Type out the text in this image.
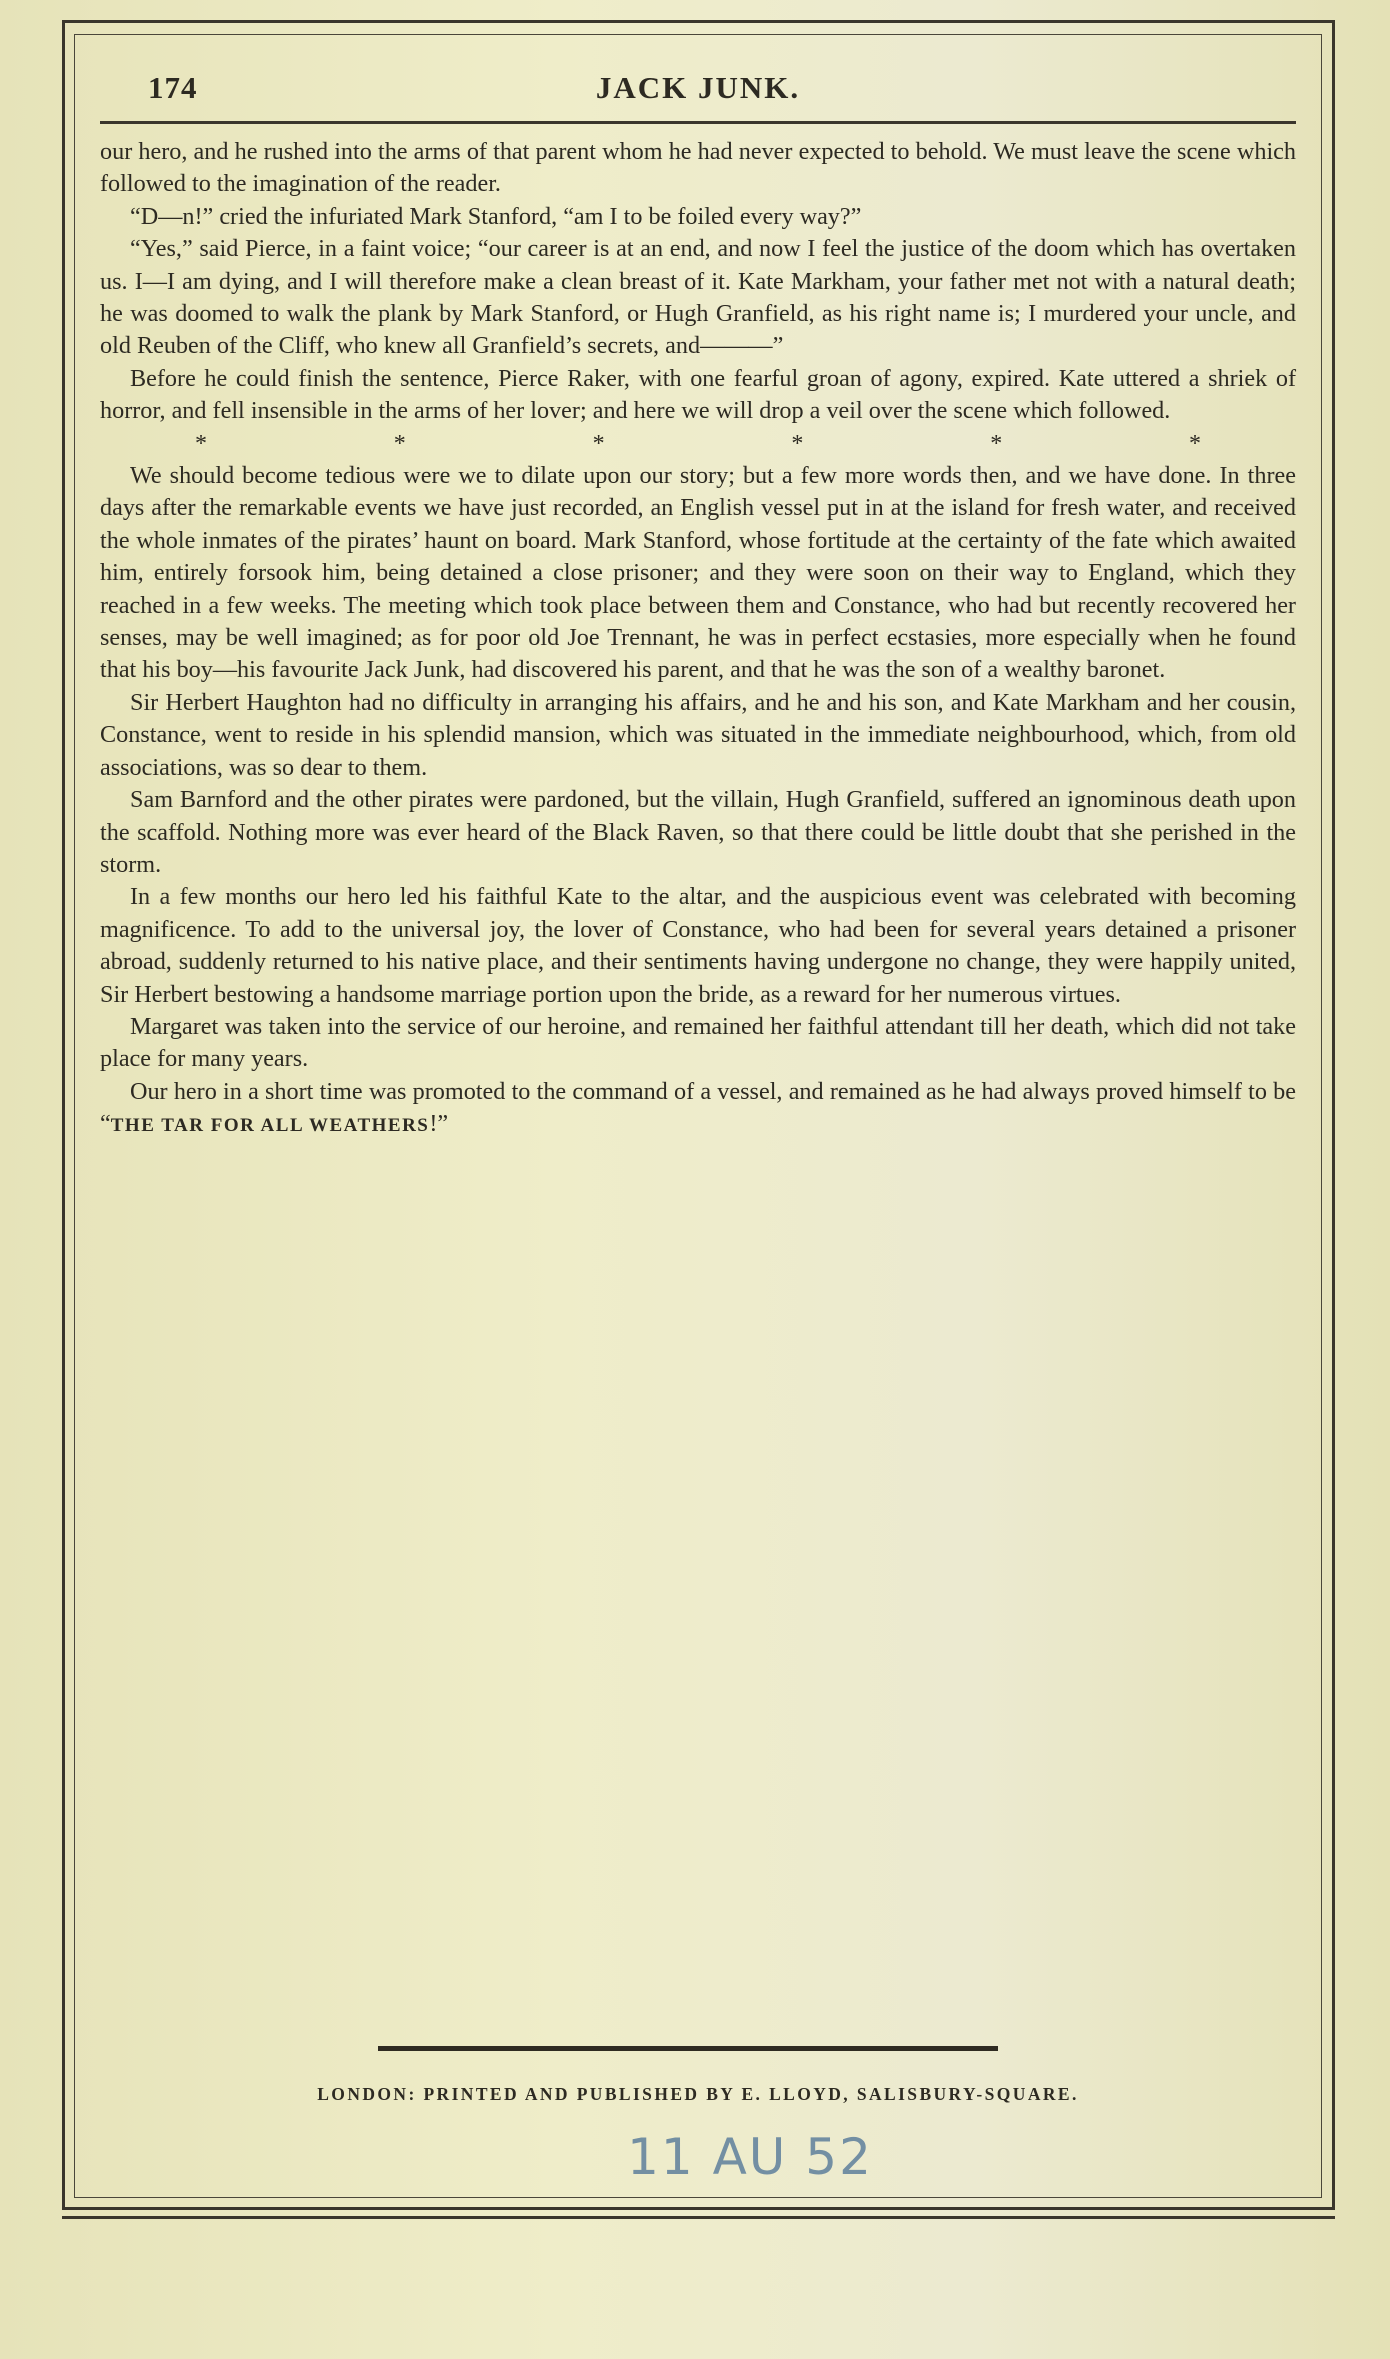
JACK JUNK.
174

our hero, and he rushed into the arms of that parent whom he had never expected to behold. We must leave the scene which followed to the imagination of the reader.

“D—n!” cried the infuriated Mark Stanford, “am I to be foiled every way?”

“Yes,” said Pierce, in a faint voice; “our career is at an end, and now I feel the justice of the doom which has overtaken us. I—I am dying, and I will therefore make a clean breast of it. Kate Markham, your father met not with a natural death; he was doomed to walk the plank by Mark Stanford, or Hugh Granfield, as his right name is; I murdered your uncle, and old Reuben of the Cliff, who knew all Granfield’s secrets, and———”

Before he could finish the sentence, Pierce Raker, with one fearful groan of agony, expired. Kate uttered a shriek of horror, and fell insensible in the arms of her lover; and here we will drop a veil over the scene which followed.

*	*	*	*	*	*

We should become tedious were we to dilate upon our story; but a few more words then, and we have done. In three days after the remarkable events we have just recorded, an English vessel put in at the island for fresh water, and received the whole inmates of the pirates’ haunt on board. Mark Stanford, whose fortitude at the certainty of the fate which awaited him, entirely forsook him, being detained a close prisoner; and they were soon on their way to England, which they reached in a few weeks. The meeting which took place between them and Constance, who had but recently recovered her senses, may be well imagined; as for poor old Joe Trennant, he was in perfect ecstasies, more especially when he found that his boy—his favourite Jack Junk, had discovered his parent, and that he was the son of a wealthy baronet.

Sir Herbert Haughton had no difficulty in arranging his affairs, and he and his son, and Kate Markham and her cousin, Constance, went to reside in his splendid mansion, which was situated in the immediate neighbourhood, which, from old associations, was so dear to them.

Sam Barnford and the other pirates were pardoned, but the villain, Hugh Granfield, suffered an ignominous death upon the scaffold. Nothing more was ever heard of the Black Raven, so that there could be little doubt that she perished in the storm.

In a few months our hero led his faithful Kate to the altar, and the auspicious event was celebrated with becoming magnificence. To add to the universal joy, the lover of Constance, who had been for several years detained a prisoner abroad, suddenly returned to his native place, and their sentiments having undergone no change, they were happily united, Sir Herbert bestowing a handsome marriage portion upon the bride, as a reward for her numerous virtues.

Margaret was taken into the service of our heroine, and remained her faithful attendant till her death, which did not take place for many years.

Our hero in a short time was promoted to the command of a vessel, and remained as he had always proved himself to be “THE TAR FOR ALL WEATHERS!”

LONDON: PRINTED AND PUBLISHED BY E. LLOYD, SALISBURY-SQUARE.
11 AU 52
